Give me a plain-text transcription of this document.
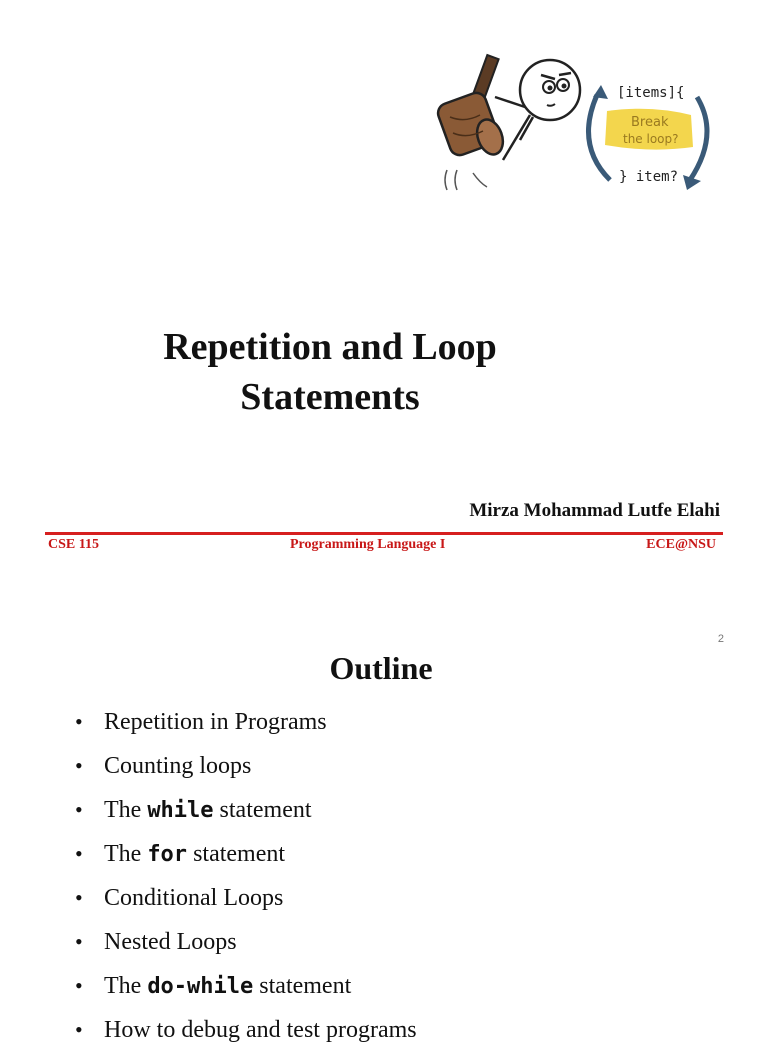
[items]{
Break
the loop?
} item?
Repetition and Loop
Statements
Mirza Mohammad Lutfe Elahi
CSE 115	Programming Language I	ECE@NSU
2
Outline
• Repetition in Programs
• Counting loops
• The while statement
• The for statement
• Conditional Loops
• Nested Loops
• The do-while statement
• How to debug and test programs
